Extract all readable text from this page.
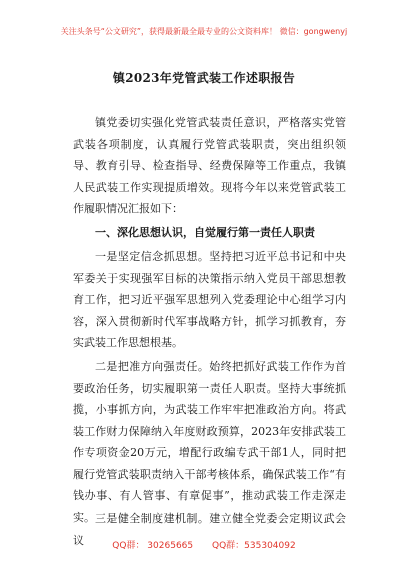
关注头条号“公文研究”，获得最新最全最专业的公文资料库！ 微信：gongwenyj
镇2023年党管武装工作述职报告

镇党委切实强化党管武装责任意识，严格落实党管武装各项制度，认真履行党管武装职责，突出组织领导、教育引导、检查指导、经费保障等工作重点，我镇人民武装工作实现提质增效。现将今年以来党管武装工作履职情况汇报如下：

一、深化思想认识，自觉履行第一责任人职责

一是坚定信念抓思想。坚持把习近平总书记和中央军委关于实现强军目标的决策指示纳入党员干部思想教育工作，把习近平强军思想列入党委理论中心组学习内容，深入贯彻新时代军事战略方针，抓学习抓教育，夯实武装工作思想根基。

二是把准方向强责任。始终把抓好武装工作作为首要政治任务，切实履职第一责任人职责。坚持大事统抓揽，小事抓方向，为武装工作牢牢把准政治方向。将武装工作财力保障纳入年度财政预算，2023年安排武装工作专项资金20万元，增配行政编专武干部1人，同时把履行党管武装职责纳入干部考核体系，确保武装工作“有钱办事、有人管事、有章促事”，推动武装工作走深走实。 三是健全制度建机制。建立健全党委会定期议武会议	QQ群： 30265665 QQ群：535304092
